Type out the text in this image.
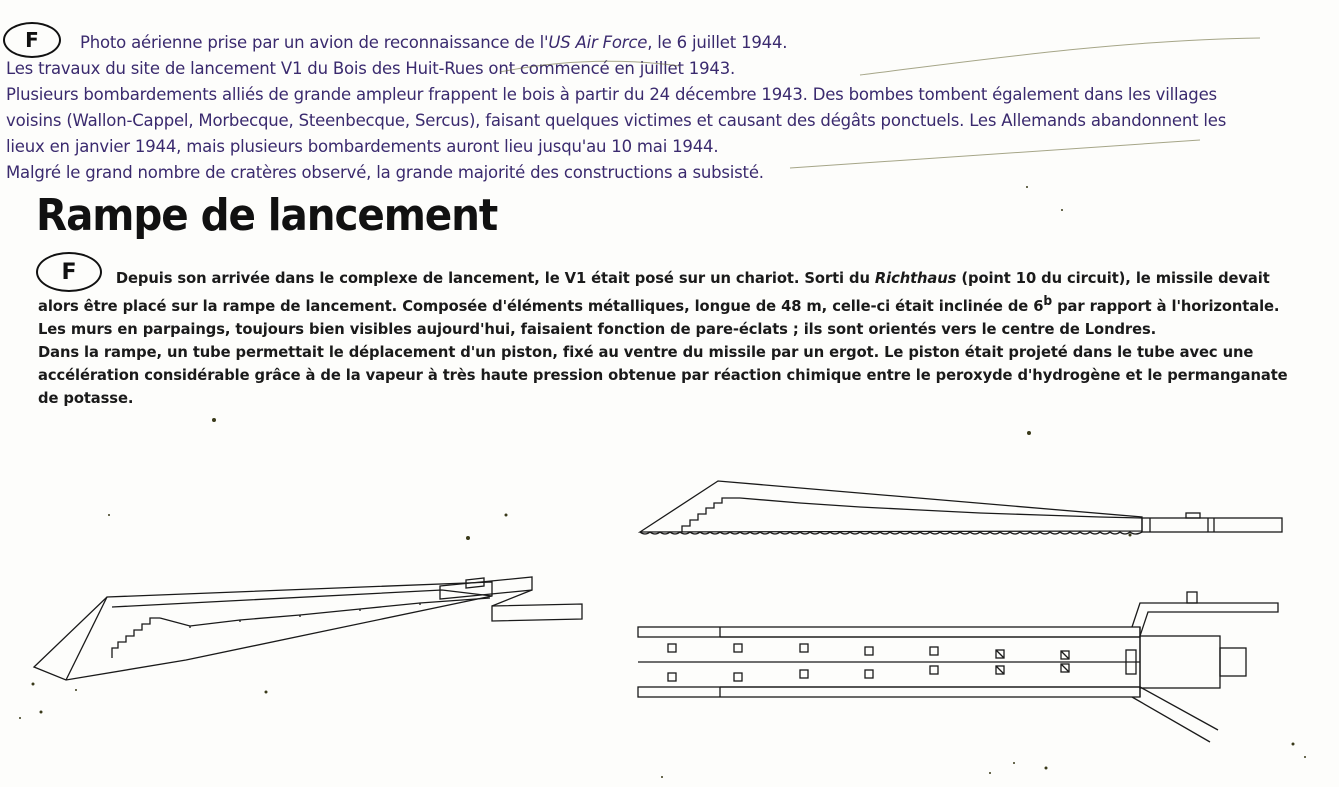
F	Photo aérienne prise par un avion de reconnaissance de l'US Air Force, le 6 juillet 1944.

Les travaux du site de lancement V1 du Bois des Huit-Rues ont commencé en juillet 1943.

Plusieurs bombardements alliés de grande ampleur frappent le bois à partir du 24 décembre 1943. Des bombes tombent également dans les villages

voisins (Wallon-Cappel, Morbecque, Steenbecque, Sercus), faisant quelques victimes et causant des dégâts ponctuels. Les Allemands abandonnent les

lieux en janvier 1944, mais plusieurs bombardements auront lieu jusqu'au 10 mai 1944.

Malgré le grand nombre de cratères observé, la grande majorité des constructions a subsisté.

Rampe de lancement
F	Depuis son arrivée dans le complexe de lancement, le V1 était posé sur un chariot. Sorti du Richthaus (point 10 du circuit), le missile devait

alors être placé sur la rampe de lancement. Composée d'éléments métalliques, longue de 48 m, celle-ci était inclinée de 6$^b$ par rapport à l'horizontale.

Les murs en parpaings, toujours bien visibles aujourd'hui, faisaient fonction de pare-éclats ; ils sont orientés vers le centre de Londres.

Dans la rampe, un tube permettait le déplacement d'un piston, fixé au ventre du missile par un ergot. Le piston était projeté dans le tube avec une

accélération considérable grâce à de la vapeur à très haute pression obtenue par réaction chimique entre le peroxyde d'hydrogène et le permanganate

de potasse.
